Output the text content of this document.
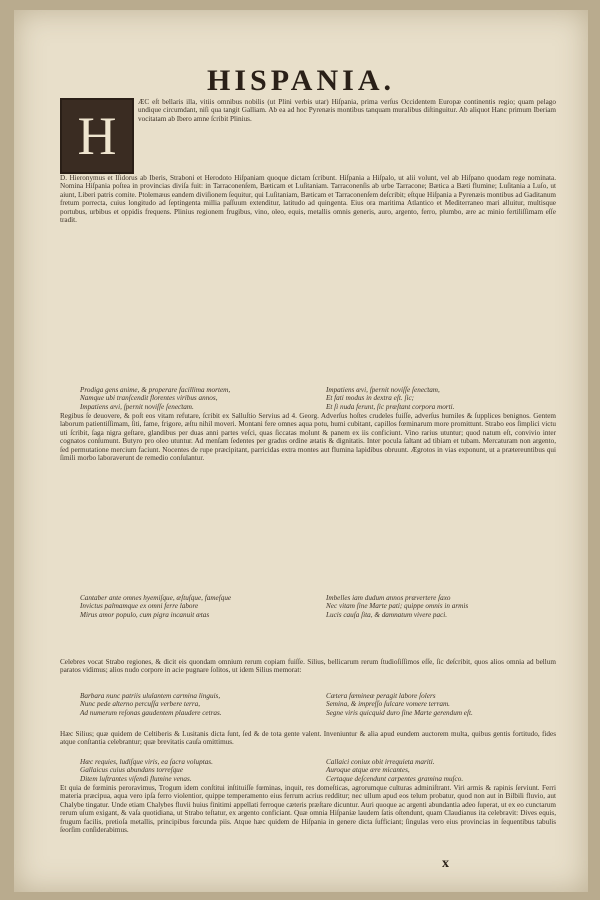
HISPANIA.
H

ÆC eſt bellaris illa, vitiis omnibus nobilis (ut Plini verbis utar) Hiſpania, prima verſus Occidentem Europæ continentis regio; quam pelago undique circumdant, niſi qua tangit Galliam. Ab ea ad hoc Pyrenæis montibus tanquam muralibus diſtinguitur. Ab aliquot Hanc primum Iberiam vocitatam ab Ibero amne ſcribit Plinius.

D. Hieronymus et Iſidorus ab Iberis, Straboni et Herodoto Hiſpaniam quoque dictam ſcribunt. Hiſpania a Hiſpalo, ut alii volunt, vel ab Hiſpano quodam rege nominata. Nomina Hiſpania poſtea in provincias diviſa fuit: in Tarraconenſem, Bæticam et Luſitaniam. Tarraconenſis ab urbe Tarracone; Bætica a Bæti flumine; Luſitania a Luſo, ut aiunt, Liberi patris comite. Ptolemæus eandem diviſionem ſequitur, qui Luſitaniam, Bæticam et Tarraconenſem deſcribit; eſtque Hiſpania a Pyrenæis montibus ad Gaditanum fretum porrecta, cuius longitudo ad ſeptingenta millia paſſuum extenditur, latitudo ad quingenta. Eius ora maritima Atlantico et Mediterraneo mari alluitur, multisque portubus, urbibus et oppidis frequens. Plinius regionem frugibus, vino, oleo, equis, metallis omnis generis, auro, argento, ferro, plumbo, ære ac minio fertiliſſimam eſſe tradit.

Prodiga gens anime, & properare facillima mortem,
Namque ubi tranſcendit florentes viribus annos,
Impatiens ævi, ſpernit noviſſe ſeneƈtam.
Impatiens ævi, ſpernit noviſſe ſeneƈtam,
Et fati modus in dextra eſt. ſic;
Et ſi nuda ferunt, ſic præſtant corpora morti.

Regibus ſe deuovere, & poſt eos vitam refutare, ſcribit ex Salluſtio Servius ad 4. Georg. Adverſus hoſtes crudeles fuiſſe, adverſus humiles & ſupplices benignos. Gentem laborum patientiſſimam, ſiti, fame, frigore, æſtu nihil moveri. Montani fere omnes aqua potu, humi cubitant, capillos fœminarum more promittunt. Strabo eos ſimplici victu uti ſcribit, ſaga nigra geſtare, glandibus per duas anni partes veſci, quas ſiccatas molunt & panem ex iis conficiunt. Vino rarius utuntur; quod natum eſt, convivio inter cognatos conſumunt. Butyro pro oleo utuntur. Ad menſam ſedentes per gradus ordine ætatis & dignitatis. Inter pocula ſaltant ad tibiam et tubam. Mercaturam non argento, ſed permutatione mercium faciunt. Nocentes de rupe præcipitant, parricidas extra montes aut flumina lapidibus obruunt. Ægrotos in vias exponunt, ut a prætereuntibus qui ſimili morbo laboraverunt de remedio conſulantur.

Cantaber ante omnes hyemiſque, æſtuſque, fameſque
Invictus palmamque ex omni ferre labore
Mirus amor populo, cum pigra incanuit ætas
Imbelles iam dudum annos prævertere ſaxo
Nec vitam ſine Marte pati; quippe omnis in armis
Lucis cauſa ſita, & damnatum vivere paci.

Celebres vocat Strabo regiones, & dicit eis quondam omnium rerum copiam fuiſſe. Silius, bellicarum rerum ſtudioſiſſimos eſſe, ſic deſcribit, quos alios omnia ad bellum paratos vidimus; alios nudo corpore in acie pugnare ſolitos, ut idem Silius memorat:

Barbara nunc patriis ululantem carmina linguis,
Nunc pede alterno percuſſa verbere terra,
Ad numerum reſonas gaudentem plaudere cetras.
Cætera fæmineæ peragit labore ſolers
Semina, & impreſſo ſulcare vomere terram.
Segne viris quicquid duro ſine Marte gerendum eſt.

Hæc Silius; quæ quidem de Celtiberis & Lusitanis dicta ſunt, ſed & de tota gente valent. Inveniuntur & alia apud eundem auctorem multa, quibus gentis fortitudo, fides atque conſtantia celebrantur; quæ brevitatis cauſa omittimus.

Hæc requies, ludiſque viris, ea ſacra voluptas.
Gallaicus cuius abundans torreſque
Ditem luſtrantes viſendi flumine venas.
Callaici coniux obit irrequieta mariti.
Auroque atque ære micantes,
Certaque deſcendunt carpentes gramina muſco.

Et quia de fœminis peroravimus, Trogum idem conſtitui inſtituiſſe fœminas, inquit, res domeſticas, agrorumque culturas adminiſtrant. Viri armis & rapinis ſerviunt. Ferri materia præcipua, aqua vero ipſa ferro violentior, quippe temperamento eius ferrum acrius redditur; nec ullum apud eos telum probatur, quod non aut in Bilbili fluvio, aut Chalybe tingatur. Unde etiam Chalybes fluvii huius finitimi appellati ferroque cæteris præſtare dicuntur. Auri quoque ac argenti abundantia adeo ſuperat, ut ex eo cunctarum rerum uſum exigant, & vaſa quotidiana, ut Strabo teſtatur, ex argento conficiant. Quæ omnia Hiſpaniæ laudem ſatis oſtendunt, quam Claudianus ita celebravit: Dives equis, frugum facilis, pretioſa metallis, principibus fœcunda piis. Atque hæc quidem de Hiſpania in genere dicta ſufficiant; ſingulas vero eius provincias in ſequentibus tabulis ſeorſim conſiderabimus.

x
